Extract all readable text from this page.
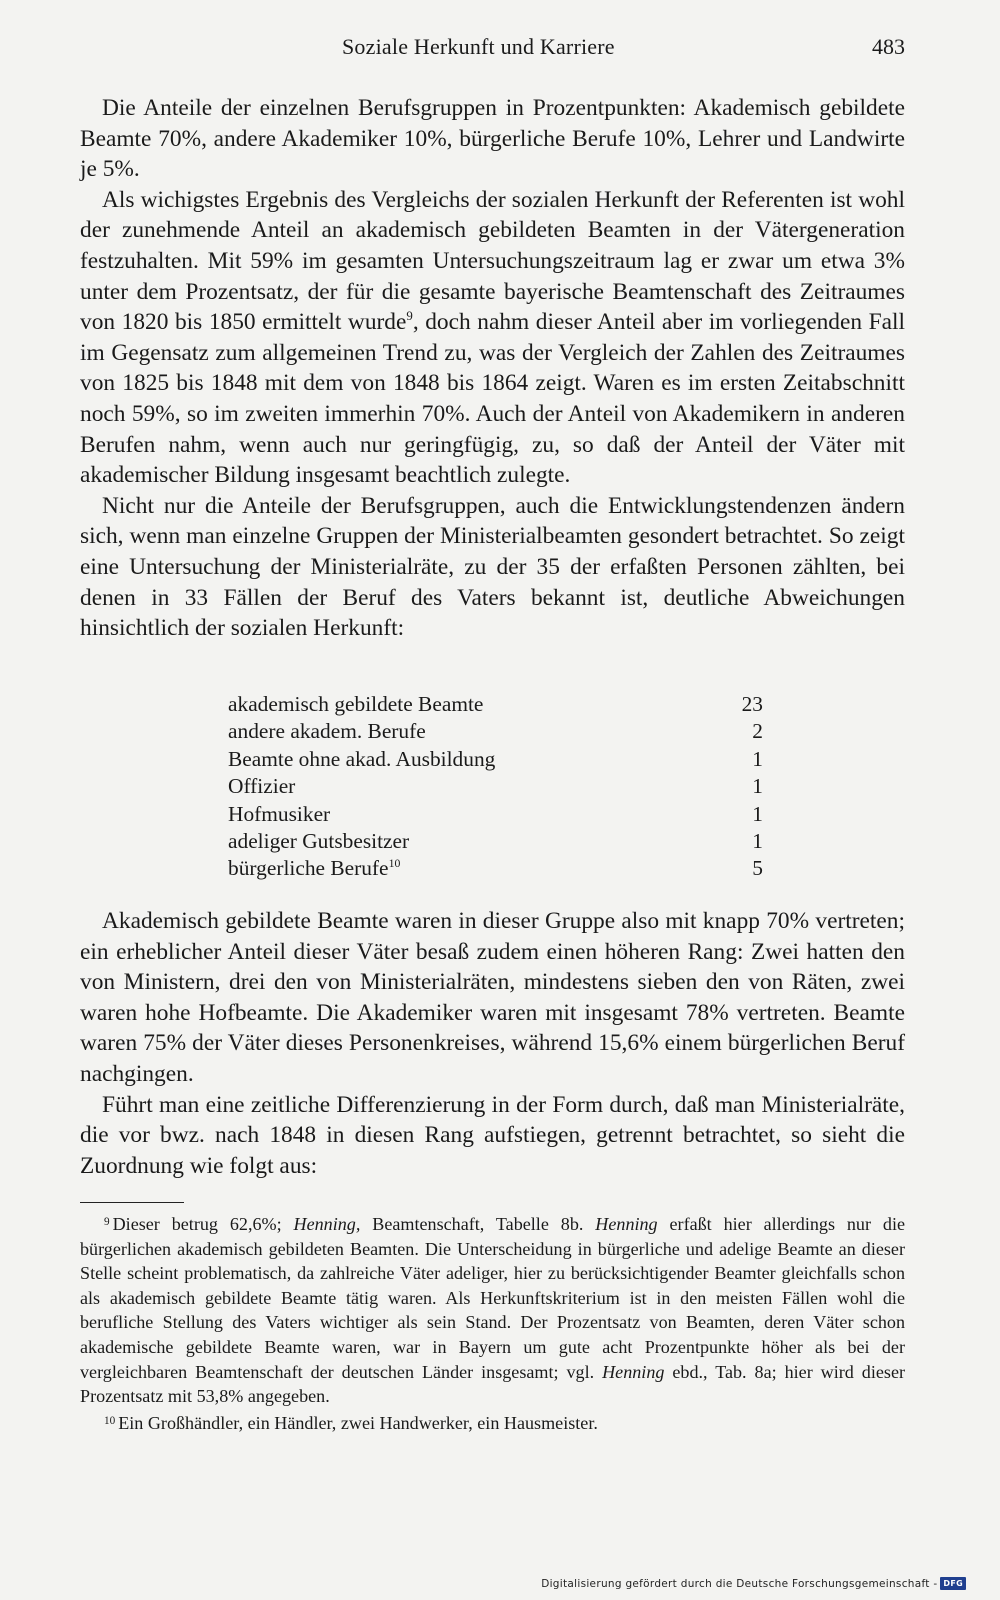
Soziale Herkunft und Karriere	483

Die Anteile der einzelnen Berufsgruppen in Prozentpunkten: Akademisch gebildete Beamte 70%, andere Akademiker 10%, bürgerliche Berufe 10%, Lehrer und Landwirte je 5%.

Als wichigstes Ergebnis des Vergleichs der sozialen Herkunft der Referenten ist wohl der zunehmende Anteil an akademisch gebildeten Beamten in der Vätergeneration festzuhalten. Mit 59% im gesamten Untersuchungszeitraum lag er zwar um etwa 3% unter dem Prozentsatz, der für die gesamte bayerische Beamtenschaft des Zeitraumes von 1820 bis 1850 ermittelt wurde$^9$, doch nahm dieser Anteil aber im vorliegenden Fall im Gegensatz zum allgemeinen Trend zu, was der Vergleich der Zahlen des Zeitraumes von 1825 bis 1848 mit dem von 1848 bis 1864 zeigt. Waren es im ersten Zeitabschnitt noch 59%, so im zweiten immerhin 70%. Auch der Anteil von Akademikern in anderen Berufen nahm, wenn auch nur geringfügig, zu, so daß der Anteil der Väter mit akademischer Bildung insgesamt beachtlich zulegte.

Nicht nur die Anteile der Berufsgruppen, auch die Entwicklungstendenzen ändern sich, wenn man einzelne Gruppen der Ministerialbeamten gesondert betrachtet. So zeigt eine Untersuchung der Ministerialräte, zu der 35 der erfaßten Personen zählten, bei denen in 33 Fällen der Beruf des Vaters bekannt ist, deutliche Abweichungen hinsichtlich der sozialen Herkunft:

akademisch gebildete Beamte	23
andere akadem. Berufe	2
Beamte ohne akad. Ausbildung	1
Offizier	1
Hofmusiker	1
adeliger Gutsbesitzer	1
bürgerliche Berufe$^{10}$	5

Akademisch gebildete Beamte waren in dieser Gruppe also mit knapp 70% vertreten; ein erheblicher Anteil dieser Väter besaß zudem einen höheren Rang: Zwei hatten den von Ministern, drei den von Ministerialräten, mindestens sieben den von Räten, zwei waren hohe Hofbeamte. Die Akademiker waren mit insgesamt 78% vertreten. Beamte waren 75% der Väter dieses Personenkreises, während 15,6% einem bürgerlichen Beruf nachgingen.

Führt man eine zeitliche Differenzierung in der Form durch, daß man Ministerialräte, die vor bwz. nach 1848 in diesen Rang aufstiegen, getrennt betrachtet, so sieht die Zuordnung wie folgt aus:

$^9$ Dieser betrug 62,6%; Henning, Beamtenschaft, Tabelle 8b. Henning erfaßt hier allerdings nur die bürgerlichen akademisch gebildeten Beamten. Die Unterscheidung in bürgerliche und adelige Beamte an dieser Stelle scheint problematisch, da zahlreiche Väter adeliger, hier zu berücksichtigender Beamter gleichfalls schon als akademisch gebildete Beamte tätig waren. Als Herkunftskriterium ist in den meisten Fällen wohl die berufliche Stellung des Vaters wichtiger als sein Stand. Der Prozentsatz von Beamten, deren Väter schon akademische gebildete Beamte waren, war in Bayern um gute acht Prozentpunkte höher als bei der vergleichbaren Beamtenschaft der deutschen Länder insgesamt; vgl. Henning ebd., Tab. 8a; hier wird dieser Prozentsatz mit 53,8% angegeben.

$^{10}$ Ein Großhändler, ein Händler, zwei Handwerker, ein Hausmeister.

Digitalisierung gefördert durch die Deutsche Forschungsgemeinschaft - DFG
